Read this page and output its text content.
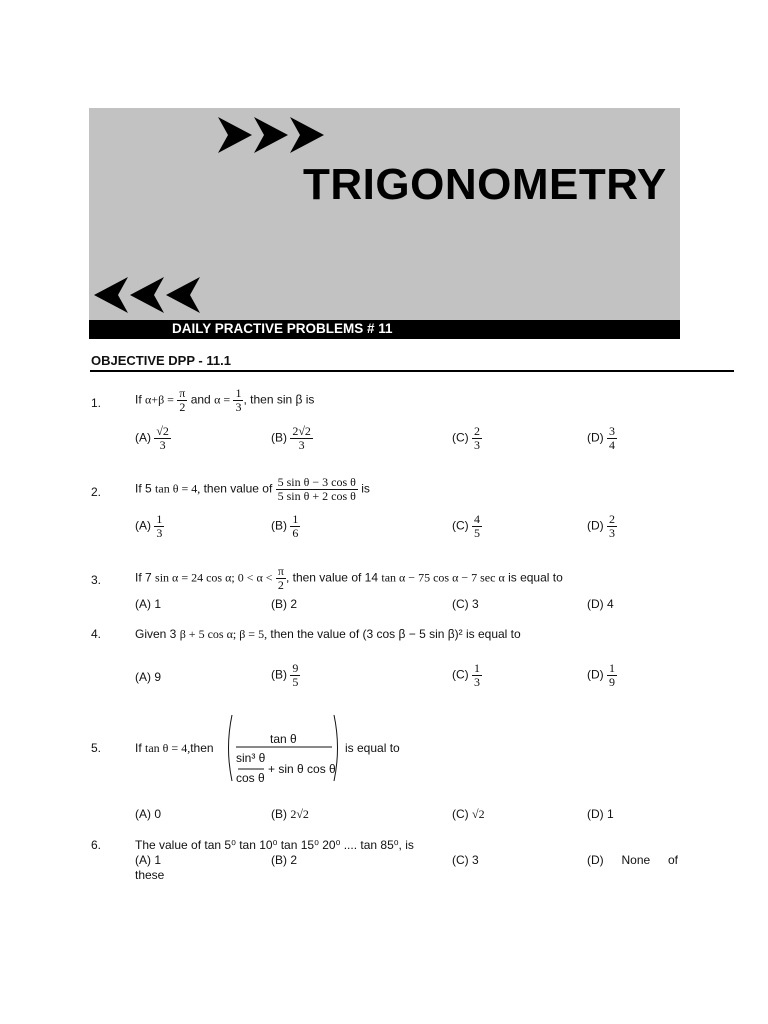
TRIGONOMETRY
DAILY PRACTIVE PROBLEMS # 11
OBJECTIVE DPP - 11.1
1.	If $\alpha+\beta = \frac{\pi}{2}$ and $\alpha = \frac{1}{3}$ , then sin β is
$(A) \frac{√2}{3}$	$(B) \frac{2√2}{3}$	$(C) \frac{2}{3}$	$(D) \frac{3}{4}$
2.	If 5 tan θ = 4, then value of $\frac{\text{5 sin θ − 3 cos θ}}{\text{5 sin θ + 2 cos θ}}$ is
$(A) \frac{1}{3}$	$(B) \frac{1}{6}$	$(C) \frac{4}{5}$	$(D) \frac{2}{3}$
3.	If 7 sin α = 24 cos α; $0 < \alpha < \frac{\pi}{2}$ , then value of 14 tan α − 75 cos α − 7 sec α is equal to
(A) 1	(B) 2	(C) 3	(D) 4
4.	Given 3 β + 5 cos α; β = 5, then the value of (3 cos β − 5 sin β)² is equal to
(A) 9	$(B) \frac{9}{5}$	$(C) \frac{1}{3}$	$(D) \frac{1}{9}$
5.	If tan θ = 4,then
tan θ
sin³ θ
cos θ
+ sin θ cos θ
is equal to
(A) 0	(B) 2√2	(C) √2	(D) 1
6.	The value of tan 5⁰ tan 10⁰ tan 15⁰ 20⁰ .... tan 85⁰, is
(A) 1	(B) 2	(C) 3	(D) None of
these
